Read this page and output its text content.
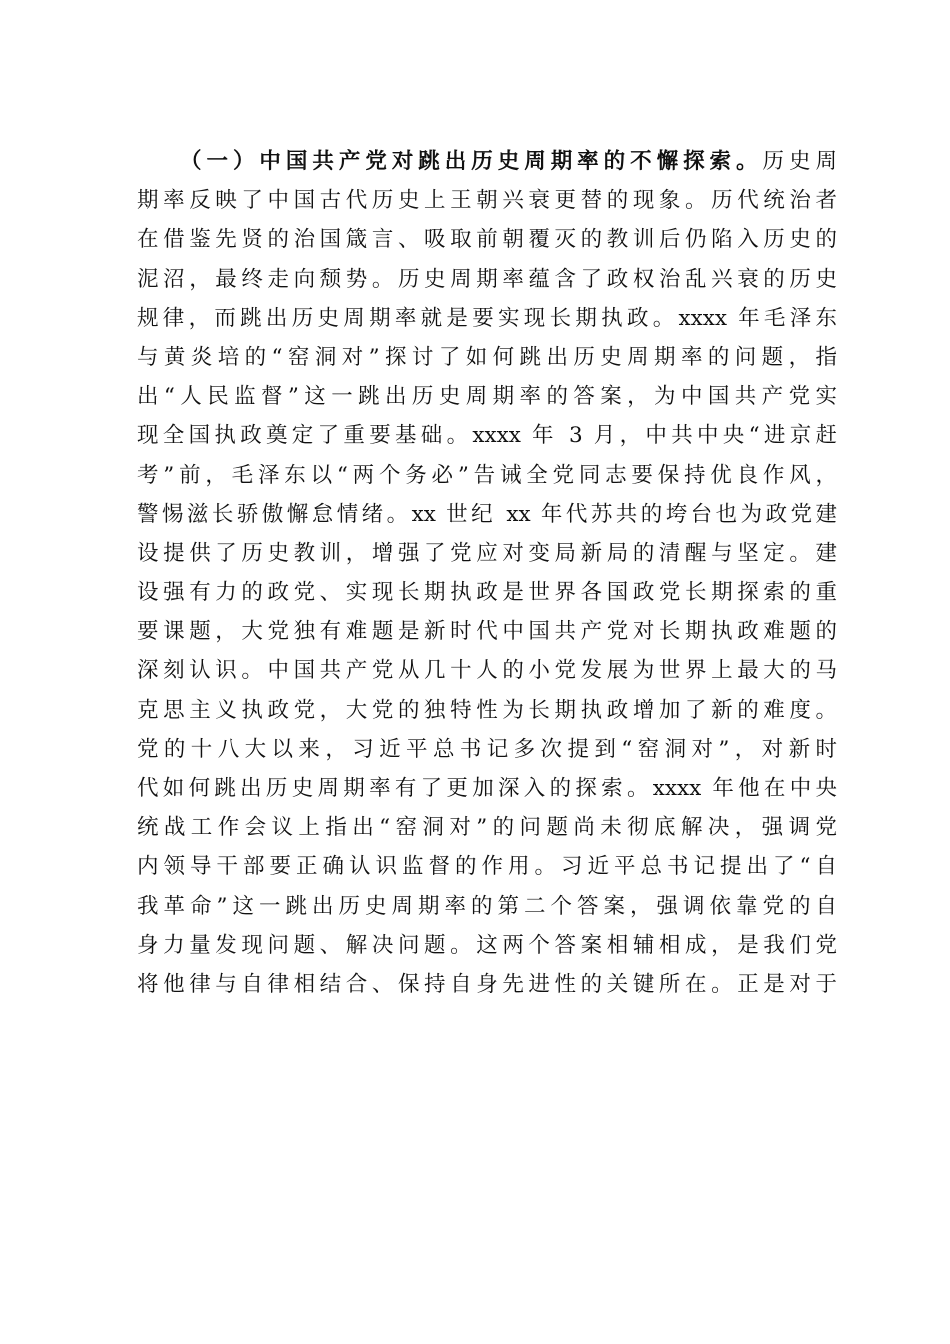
（一）中国共产党对跳出历史周期率的不懈探索。历史周
期率反映了中国古代历史上王朝兴衰更替的现象。历代统治者
在借鉴先贤的治国箴言、吸取前朝覆灭的教训后仍陷入历史的
泥沼，最终走向颓势。历史周期率蕴含了政权治乱兴衰的历史
规律，而跳出历史周期率就是要实现长期执政。xxxx 年毛泽东
与黄炎培的“窑洞对”探讨了如何跳出历史周期率的问题，指
出“人民监督”这一跳出历史周期率的答案，为中国共产党实
现全国执政奠定了重要基础。xxxx 年 3 月，中共中央“进京赶
考”前，毛泽东以“两个务必”告诫全党同志要保持优良作风，
警惕滋长骄傲懈怠情绪。xx 世纪 xx 年代苏共的垮台也为政党建
设提供了历史教训，增强了党应对变局新局的清醒与坚定。建
设强有力的政党、实现长期执政是世界各国政党长期探索的重
要课题，大党独有难题是新时代中国共产党对长期执政难题的
深刻认识。中国共产党从几十人的小党发展为世界上最大的马
克思主义执政党，大党的独特性为长期执政增加了新的难度。
党的十八大以来，习近平总书记多次提到“窑洞对”，对新时
代如何跳出历史周期率有了更加深入的探索。xxxx 年他在中央
统战工作会议上指出“窑洞对”的问题尚未彻底解决，强调党
内领导干部要正确认识监督的作用。习近平总书记提出了“自
我革命”这一跳出历史周期率的第二个答案，强调依靠党的自
身力量发现问题、解决问题。这两个答案相辅相成，是我们党
将他律与自律相结合、保持自身先进性的关键所在。正是对于
